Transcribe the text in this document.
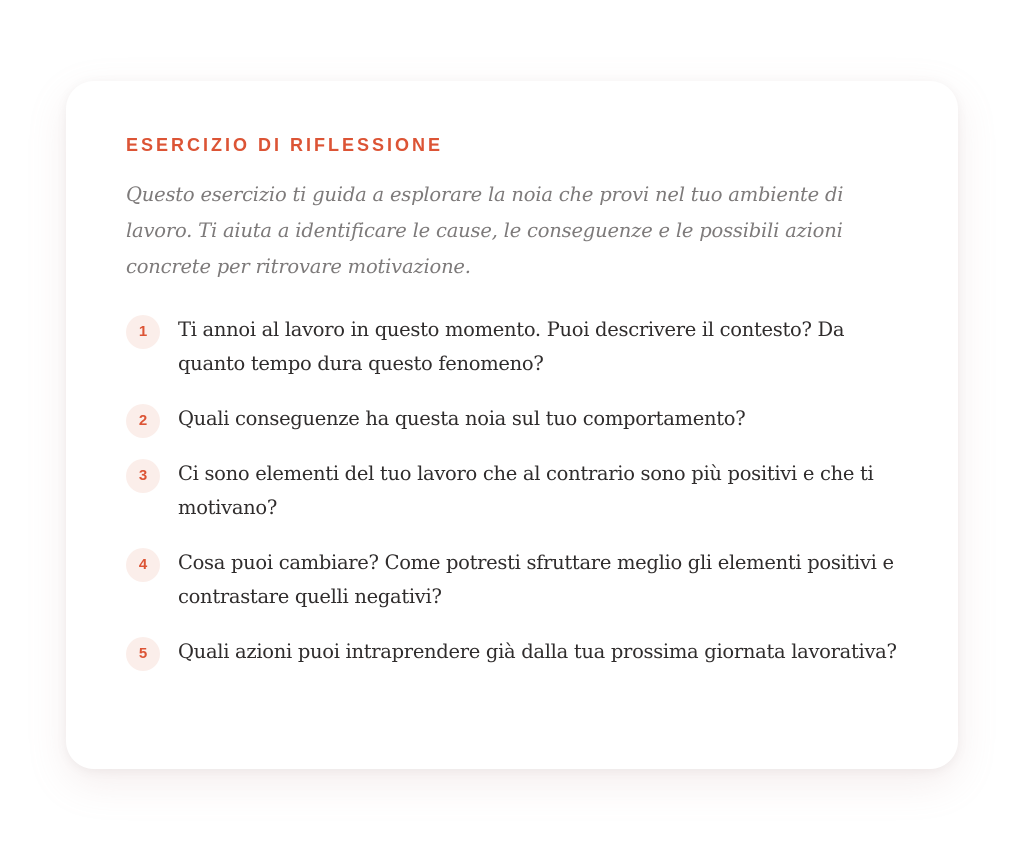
ESERCIZIO DI RIFLESSIONE

Questo esercizio ti guida a esplorare la noia che provi nel tuo ambiente di lavoro. Ti aiuta a identificare le cause, le conseguenze e le possibili azioni concrete per ritrovare motivazione.

1	Ti annoi al lavoro in questo momento. Puoi descrivere il contesto? Da quanto tempo dura questo fenomeno?
2	Quali conseguenze ha questa noia sul tuo comportamento?
3	Ci sono elementi del tuo lavoro che al contrario sono più positivi e che ti motivano?
4	Cosa puoi cambiare? Come potresti sfruttare meglio gli elementi positivi e contrastare quelli negativi?
5	Quali azioni puoi intraprendere già dalla tua prossima giornata lavorativa?
